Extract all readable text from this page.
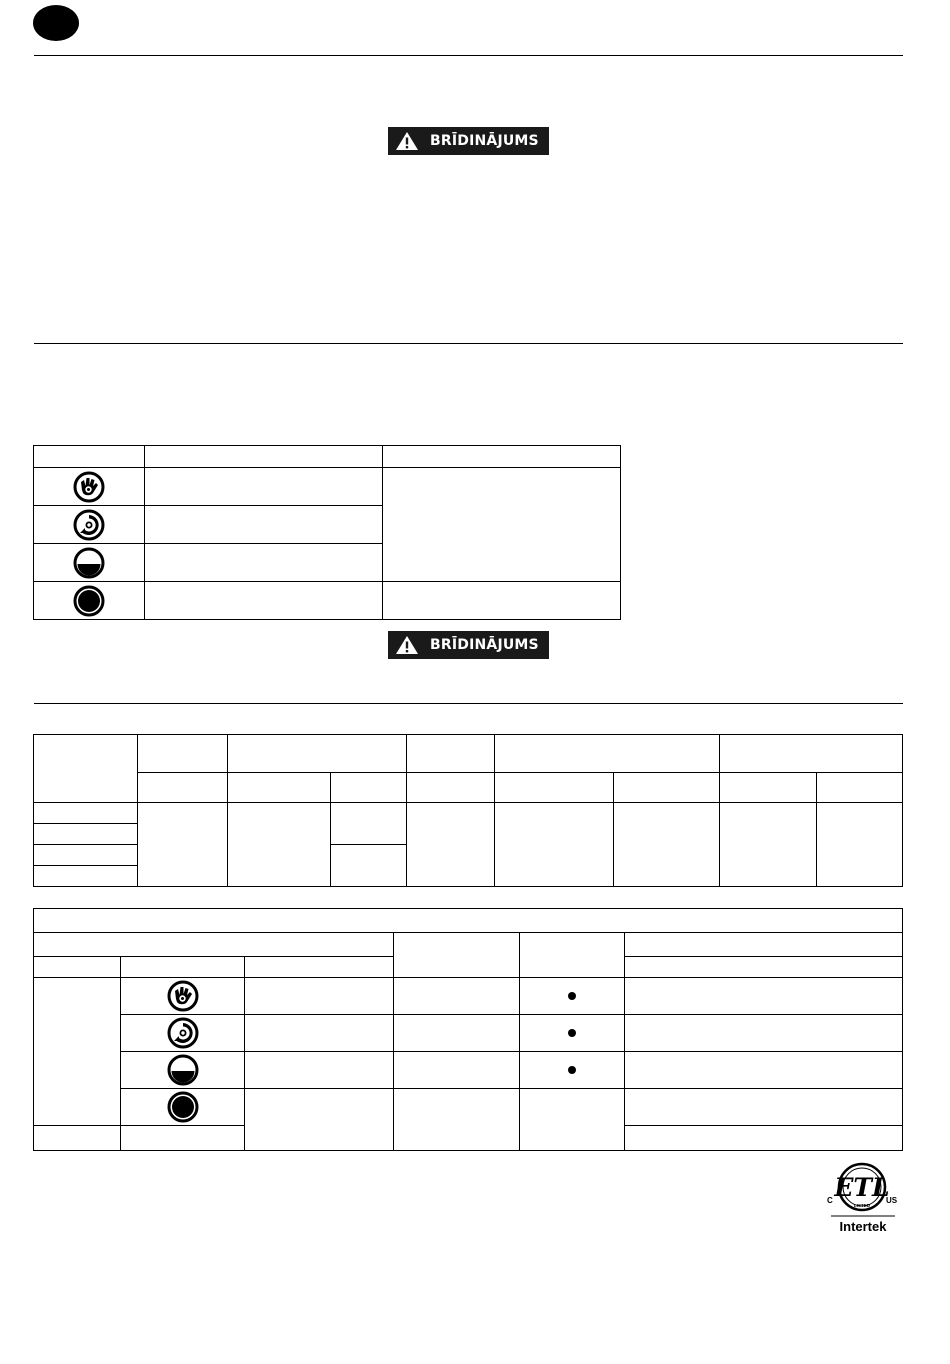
BRĪDINĀJUMS

BRĪDINĀJUMS

ETL
LISTED
C	US
Intertek
